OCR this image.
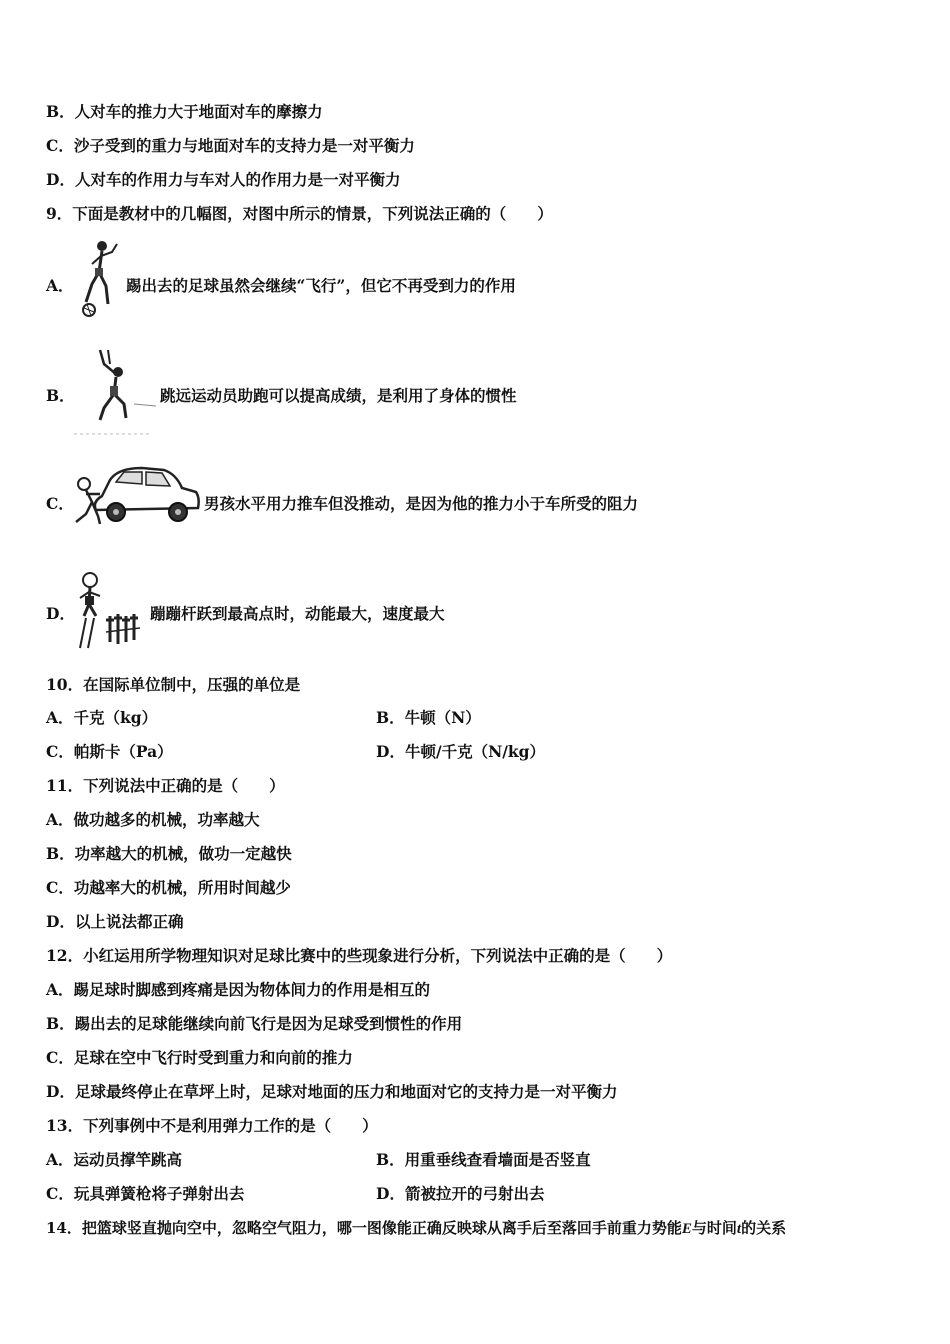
B．人对车的推力大于地面对车的摩擦力
C．沙子受到的重力与地面对车的支持力是一对平衡力
D．人对车的作用力与车对人的作用力是一对平衡力
9．下面是教材中的几幅图，对图中所示的情景，下列说法正确的（　　）
A．	踢出去的足球虽然会继续“飞行”，但它不再受到力的作用
B．	跳远运动员助跑可以提高成绩，是利用了身体的惯性
C．	男孩水平用力推车但没推动，是因为他的推力小于车所受的阻力
D．	蹦蹦杆跃到最高点时，动能最大，速度最大
10．在国际单位制中，压强的单位是
A．千克（kg）	B．牛顿（N）
C．帕斯卡（Pa）	D．牛顿/千克（N/kg）
11．下列说法中正确的是（　　）
A．做功越多的机械，功率越大
B．功率越大的机械，做功一定越快
C．功越率大的机械，所用时间越少
D．以上说法都正确
12．小红运用所学物理知识对足球比赛中的些现象进行分析，下列说法中正确的是（　　）
A．踢足球时脚感到疼痛是因为物体间力的作用是相互的
B．踢出去的足球能继续向前飞行是因为足球受到惯性的作用
C．足球在空中飞行时受到重力和向前的推力
D．足球最终停止在草坪上时，足球对地面的压力和地面对它的支持力是一对平衡力
13．下列事例中不是利用弹力工作的是（　　）
A．运动员撑竿跳高	B．用重垂线查看墙面是否竖直
C．玩具弹簧枪将子弹射出去	D．箭被拉开的弓射出去
14．把篮球竖直抛向空中，忽略空气阻力，哪一图像能正确反映球从离手后至落回手前重力势能E与时间t的关系
